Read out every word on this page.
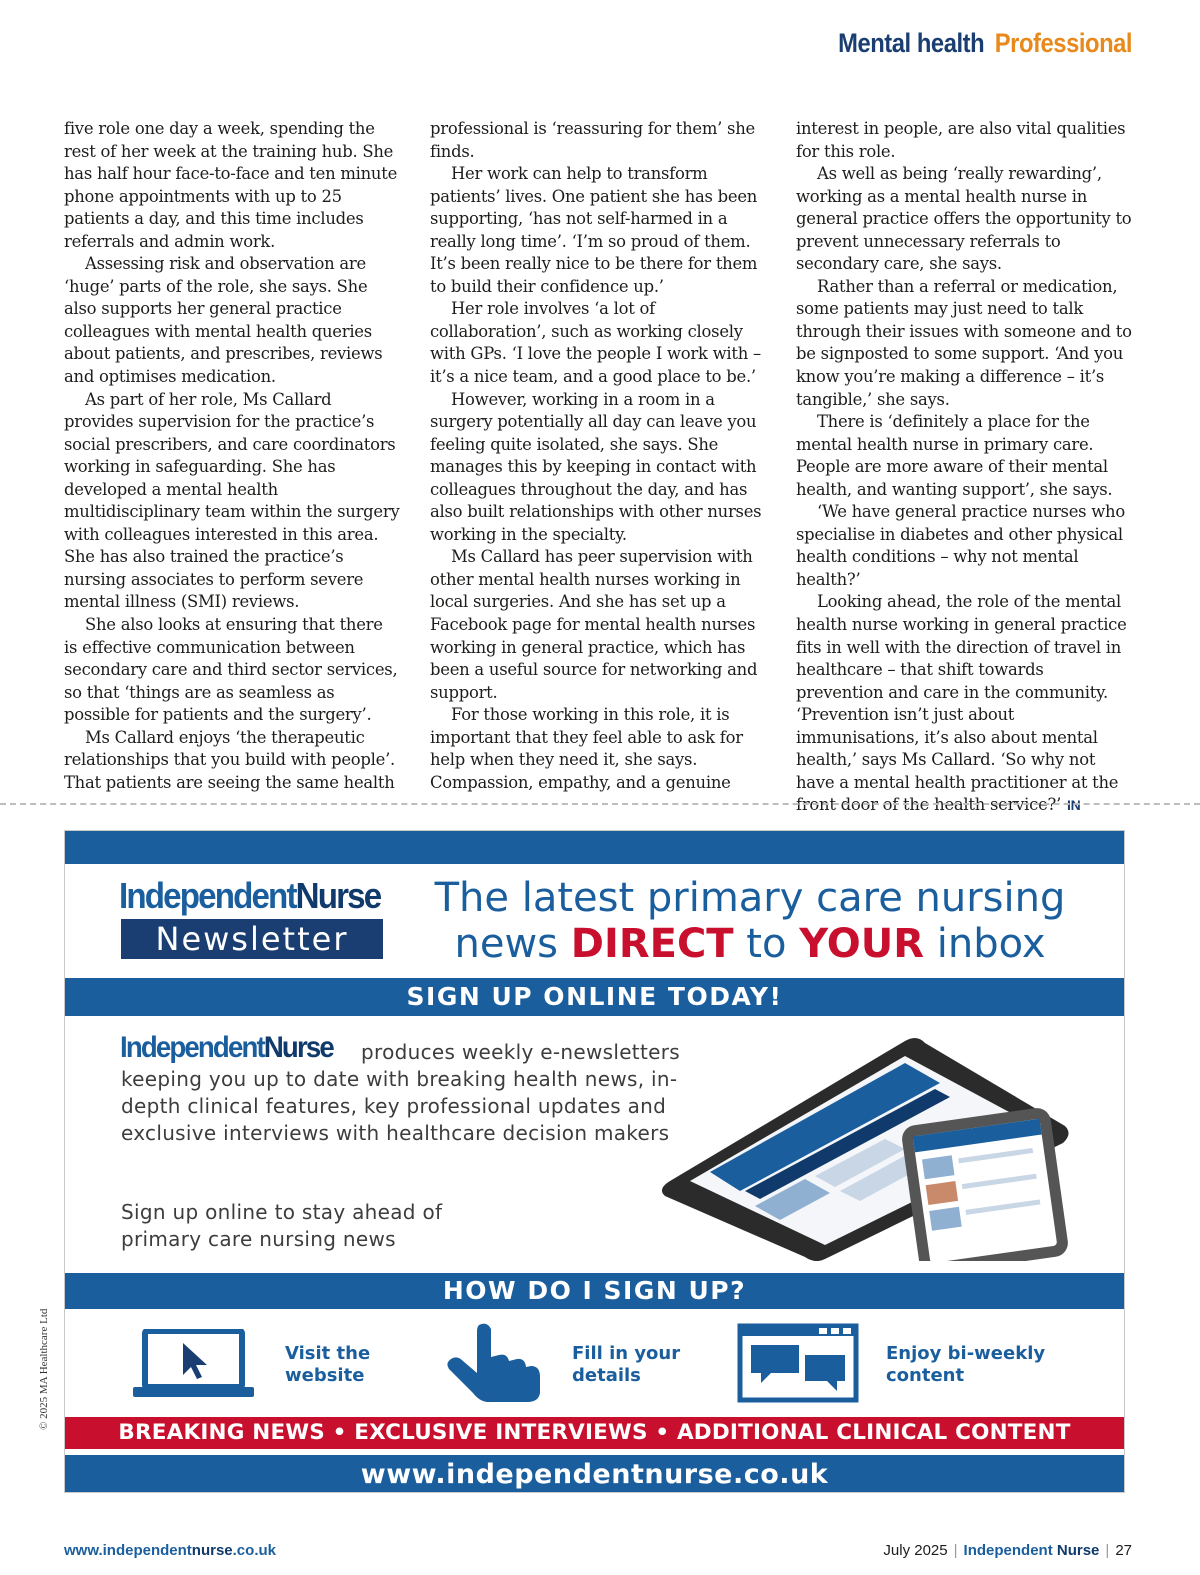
Mental health Professional

five role one day a week, spending the rest of her week at the training hub. She has half hour face-to-face and ten minute phone appointments with up to 25 patients a day, and this time includes referrals and admin work.

Assessing risk and observation are ‘huge’ parts of the role, she says. She also supports her general practice colleagues with mental health queries about patients, and prescribes, reviews and optimises medication.

As part of her role, Ms Callard provides supervision for the practice’s social prescribers, and care coordinators working in safeguarding. She has developed a mental health multidisciplinary team within the surgery with colleagues interested in this area. She has also trained the practice’s nursing associates to perform severe mental illness (SMI) reviews.

She also looks at ensuring that there is effective communication between secondary care and third sector services, so that ‘things are as seamless as possible for patients and the surgery’.

Ms Callard enjoys ‘the therapeutic relationships that you build with people’. That patients are seeing the same health

professional is ‘reassuring for them’ she finds.

Her work can help to transform patients’ lives. One patient she has been supporting, ‘has not self-harmed in a really long time’. ‘I’m so proud of them. It’s been really nice to be there for them to build their confidence up.’

Her role involves ‘a lot of collaboration’, such as working closely with GPs. ‘I love the people I work with – it’s a nice team, and a good place to be.’

However, working in a room in a surgery potentially all day can leave you feeling quite isolated, she says. She manages this by keeping in contact with colleagues throughout the day, and has also built relationships with other nurses working in the specialty.

Ms Callard has peer supervision with other mental health nurses working in local surgeries. And she has set up a Facebook page for mental health nurses working in general practice, which has been a useful source for networking and support.

For those working in this role, it is important that they feel able to ask for help when they need it, she says. Compassion, empathy, and a genuine

interest in people, are also vital qualities for this role.

As well as being ‘really rewarding’, working as a mental health nurse in general practice offers the opportunity to prevent unnecessary referrals to secondary care, she says.

Rather than a referral or medication, some patients may just need to talk through their issues with someone and to be signposted to some support. ‘And you know you’re making a difference – it’s tangible,’ she says.

There is ‘definitely a place for the mental health nurse in primary care. People are more aware of their mental health, and wanting support’, she says.

‘We have general practice nurses who specialise in diabetes and other physical health conditions – why not mental health?’

Looking ahead, the role of the mental health nurse working in general practice fits in well with the direction of travel in healthcare – that shift towards prevention and care in the community. ‘Prevention isn’t just about immunisations, it’s also about mental health,’ says Ms Callard. ‘So why not have a mental health practitioner at the front door of the health service?’ IN

© 2025 MA Healthcare Ltd
IndependentNurse
Newsletter
The latest primary care nursing
news DIRECT to YOUR inbox
SIGN UP ONLINE TODAY!
IndependentNurse	produces weekly e-newsletters keeping you up to date with breaking health news, in-depth clinical features, key professional updates and exclusive interviews with healthcare decision makers
Sign up online to stay ahead of primary care nursing news
HOW DO I SIGN UP?
Visit the website
Fill in your details
Enjoy bi-weekly content
BREAKING NEWS • EXCLUSIVE INTERVIEWS • ADDITIONAL CLINICAL CONTENT
www.independentnurse.co.uk
www.independentnurse.co.uk	July 2025 | Independent Nurse | 27
